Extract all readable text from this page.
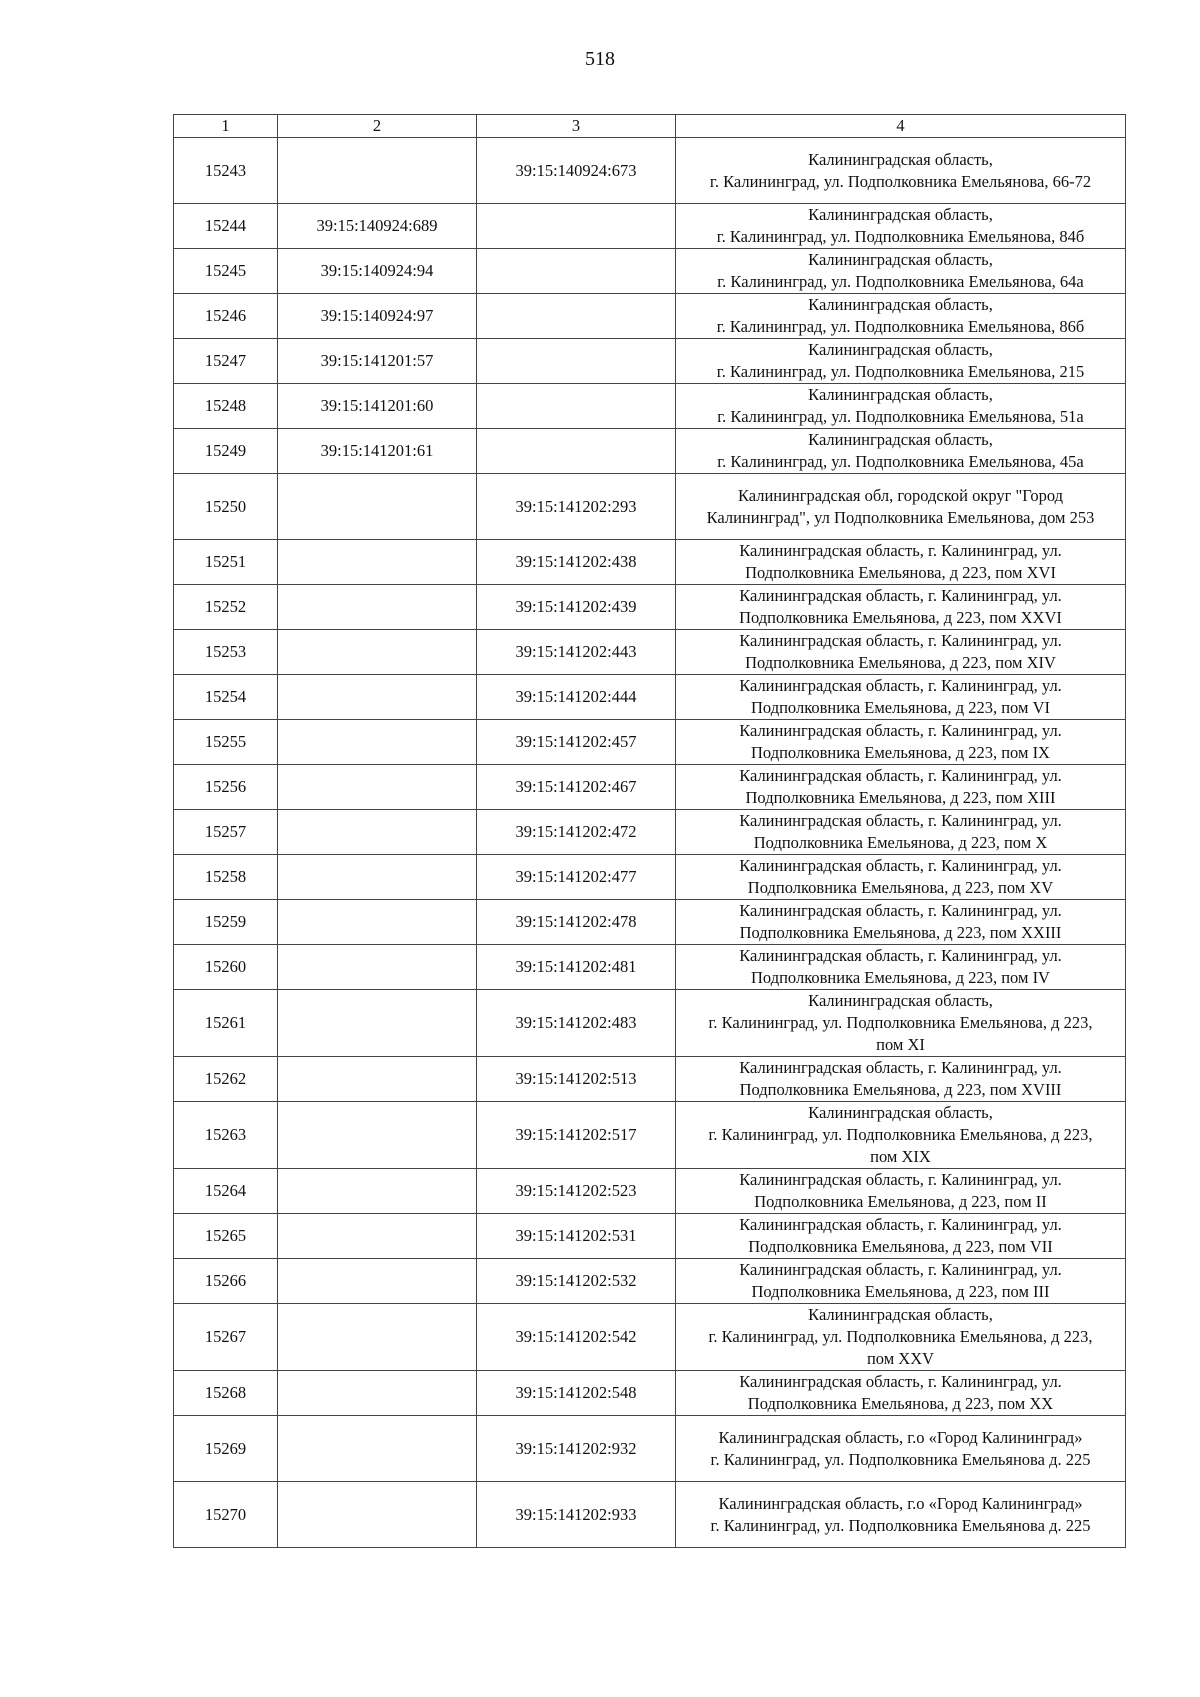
518
1	2	3	4
15243		39:15:140924:673	Калининградская область,
г. Калининград, ул. Подполковника Емельянова, 66-72

15244	39:15:140924:689		Калининградская область,
г. Калининград, ул. Подполковника Емельянова, 84б

15245	39:15:140924:94		Калининградская область,
г. Калининград, ул. Подполковника Емельянова, 64а

15246	39:15:140924:97		Калининградская область,
г. Калининград, ул. Подполковника Емельянова, 86б

15247	39:15:141201:57		Калининградская область,
г. Калининград, ул. Подполковника Емельянова, 215

15248	39:15:141201:60		Калининградская область,
г. Калининград, ул. Подполковника Емельянова, 51а

15249	39:15:141201:61		Калининградская область,
г. Калининград, ул. Подполковника Емельянова, 45а

15250		39:15:141202:293	Калининградская обл, городской округ "Город
Калининград", ул Подполковника Емельянова, дом 253

15251		39:15:141202:438	Калининградская область, г. Калининград, ул.
Подполковника Емельянова, д 223, пом XVI

15252		39:15:141202:439	Калининградская область, г. Калининград, ул.
Подполковника Емельянова, д 223, пом XXVI

15253		39:15:141202:443	Калининградская область, г. Калининград, ул.
Подполковника Емельянова, д 223, пом XIV

15254		39:15:141202:444	Калининградская область, г. Калининград, ул.
Подполковника Емельянова, д 223, пом VI

15255		39:15:141202:457	Калининградская область, г. Калининград, ул.
Подполковника Емельянова, д 223, пом IX

15256		39:15:141202:467	Калининградская область, г. Калининград, ул.
Подполковника Емельянова, д 223, пом XIII

15257		39:15:141202:472	Калининградская область, г. Калининград, ул.
Подполковника Емельянова, д 223, пом X

15258		39:15:141202:477	Калининградская область, г. Калининград, ул.
Подполковника Емельянова, д 223, пом XV

15259		39:15:141202:478	Калининградская область, г. Калининград, ул.
Подполковника Емельянова, д 223, пом XXIII

15260		39:15:141202:481	Калининградская область, г. Калининград, ул.
Подполковника Емельянова, д 223, пом IV

15261		39:15:141202:483	Калининградская область,
г. Калининград, ул. Подполковника Емельянова, д 223,
пом XI

15262		39:15:141202:513	Калининградская область, г. Калининград, ул.
Подполковника Емельянова, д 223, пом XVIII

15263		39:15:141202:517	Калининградская область,
г. Калининград, ул. Подполковника Емельянова, д 223,
пом XIX

15264		39:15:141202:523	Калининградская область, г. Калининград, ул.
Подполковника Емельянова, д 223, пом II

15265		39:15:141202:531	Калининградская область, г. Калининград, ул.
Подполковника Емельянова, д 223, пом VII

15266		39:15:141202:532	Калининградская область, г. Калининград, ул.
Подполковника Емельянова, д 223, пом III

15267		39:15:141202:542	Калининградская область,
г. Калининград, ул. Подполковника Емельянова, д 223,
пом XXV

15268		39:15:141202:548	Калининградская область, г. Калининград, ул.
Подполковника Емельянова, д 223, пом XX

15269		39:15:141202:932	Калининградская область, г.о «Город Калининград»
г. Калининград, ул. Подполковника Емельянова д. 225

15270		39:15:141202:933	Калининградская область, г.о «Город Калининград»
г. Калининград, ул. Подполковника Емельянова д. 225
